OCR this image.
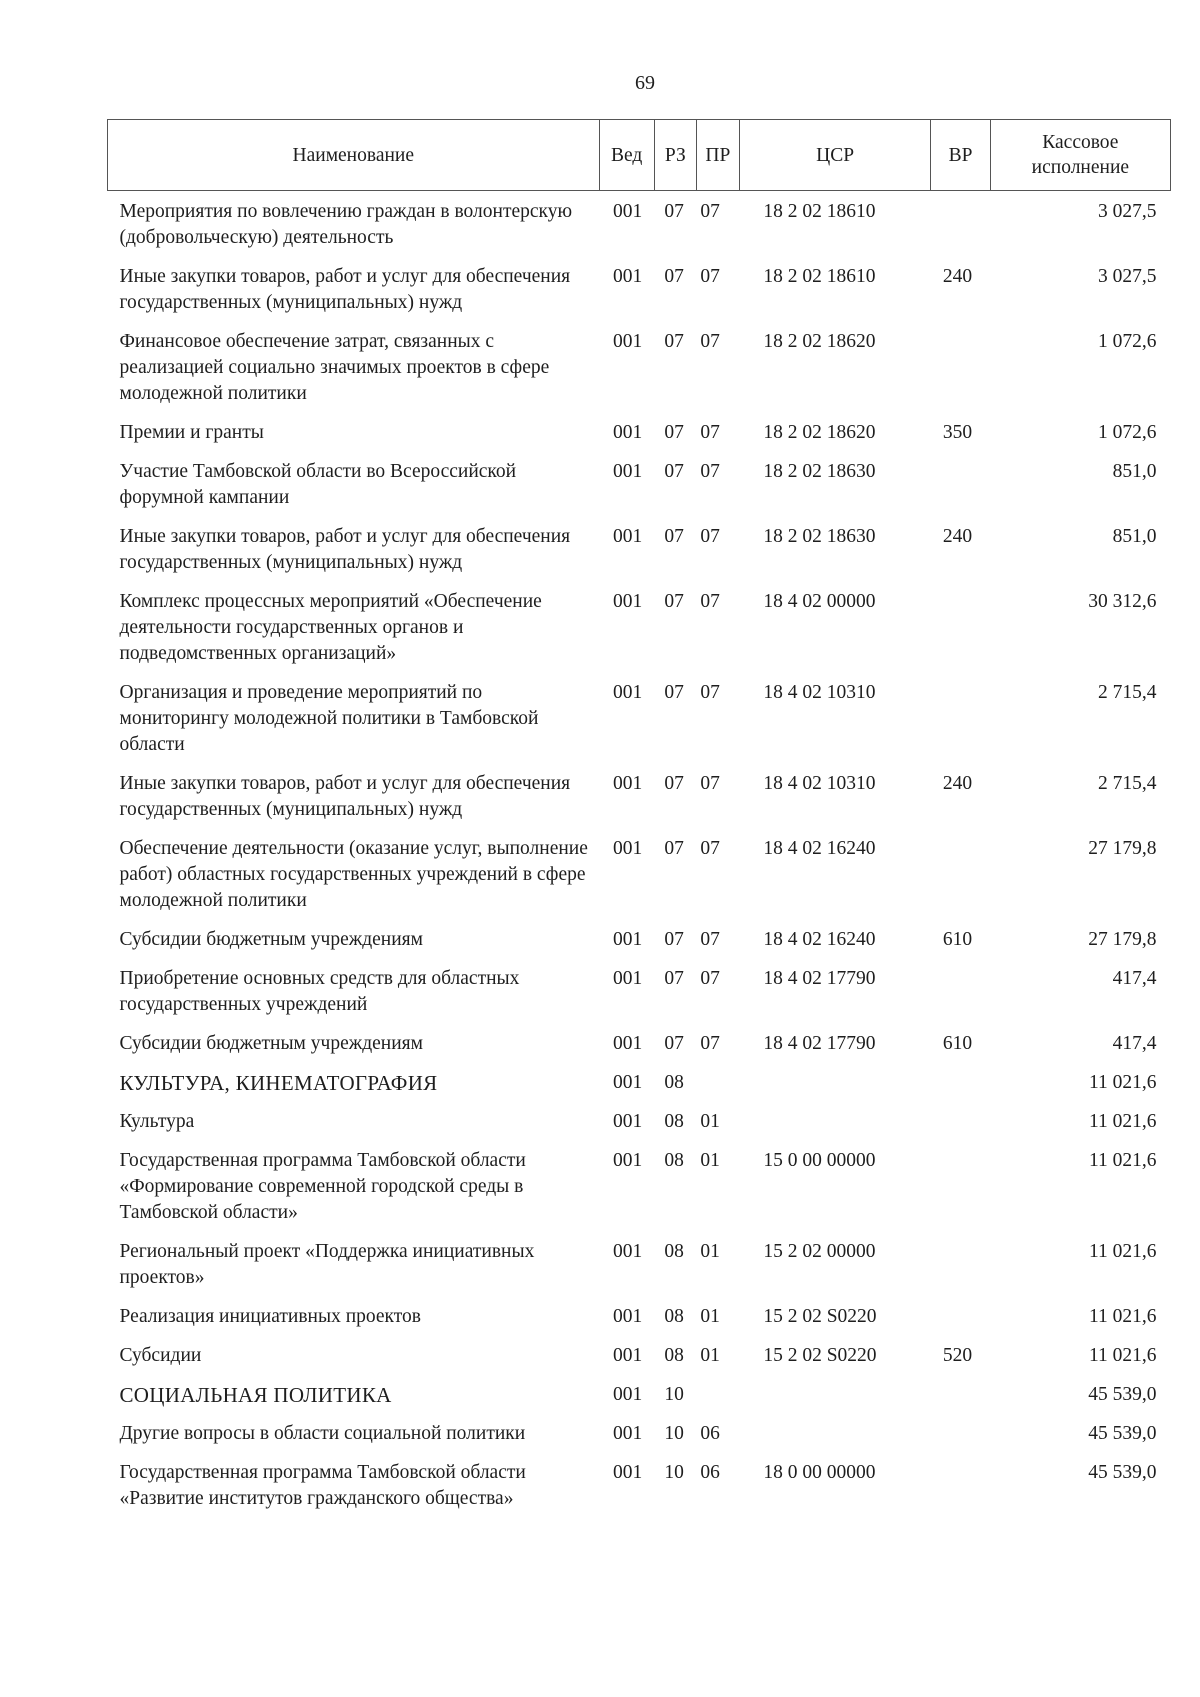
69
Наименование	Вед	РЗ	ПР	ЦСР	ВР	Кассовое исполнение
Мероприятия по вовлечению граждан в волонтерскую (добровольческую) деятельность	001	07	07	18 2 02 18610		3 027,5
Иные закупки товаров, работ и услуг для обеспечения государственных (муниципальных) нужд	001	07	07	18 2 02 18610	240	3 027,5
Финансовое обеспечение затрат, связанных с реализацией социально значимых проектов в сфере молодежной политики	001	07	07	18 2 02 18620		1 072,6
Премии и гранты	001	07	07	18 2 02 18620	350	1 072,6
Участие Тамбовской области во Всероссийской форумной кампании	001	07	07	18 2 02 18630		851,0
Иные закупки товаров, работ и услуг для обеспечения государственных (муниципальных) нужд	001	07	07	18 2 02 18630	240	851,0
Комплекс процессных мероприятий «Обеспечение деятельности государственных органов и подведомственных организаций»	001	07	07	18 4 02 00000		30 312,6
Организация и проведение мероприятий по мониторингу молодежной политики в Тамбовской области	001	07	07	18 4 02 10310		2 715,4
Иные закупки товаров, работ и услуг для обеспечения государственных (муниципальных) нужд	001	07	07	18 4 02 10310	240	2 715,4
Обеспечение деятельности (оказание услуг, выполнение работ) областных государственных учреждений в сфере молодежной политики	001	07	07	18 4 02 16240		27 179,8
Субсидии бюджетным учреждениям	001	07	07	18 4 02 16240	610	27 179,8
Приобретение основных средств для областных государственных учреждений	001	07	07	18 4 02 17790		417,4
Субсидии бюджетным учреждениям	001	07	07	18 4 02 17790	610	417,4
КУЛЬТУРА, КИНЕМАТОГРАФИЯ	001	08				11 021,6
Культура	001	08	01			11 021,6
Государственная программа Тамбовской области «Формирование современной городской среды в Тамбовской области»	001	08	01	15 0 00 00000		11 021,6
Региональный проект «Поддержка инициативных проектов»	001	08	01	15 2 02 00000		11 021,6
Реализация инициативных проектов	001	08	01	15 2 02 S0220		11 021,6
Субсидии	001	08	01	15 2 02 S0220	520	11 021,6
СОЦИАЛЬНАЯ ПОЛИТИКА	001	10				45 539,0
Другие вопросы в области социальной политики	001	10	06			45 539,0
Государственная программа Тамбовской области «Развитие институтов гражданского общества»	001	10	06	18 0 00 00000		45 539,0
